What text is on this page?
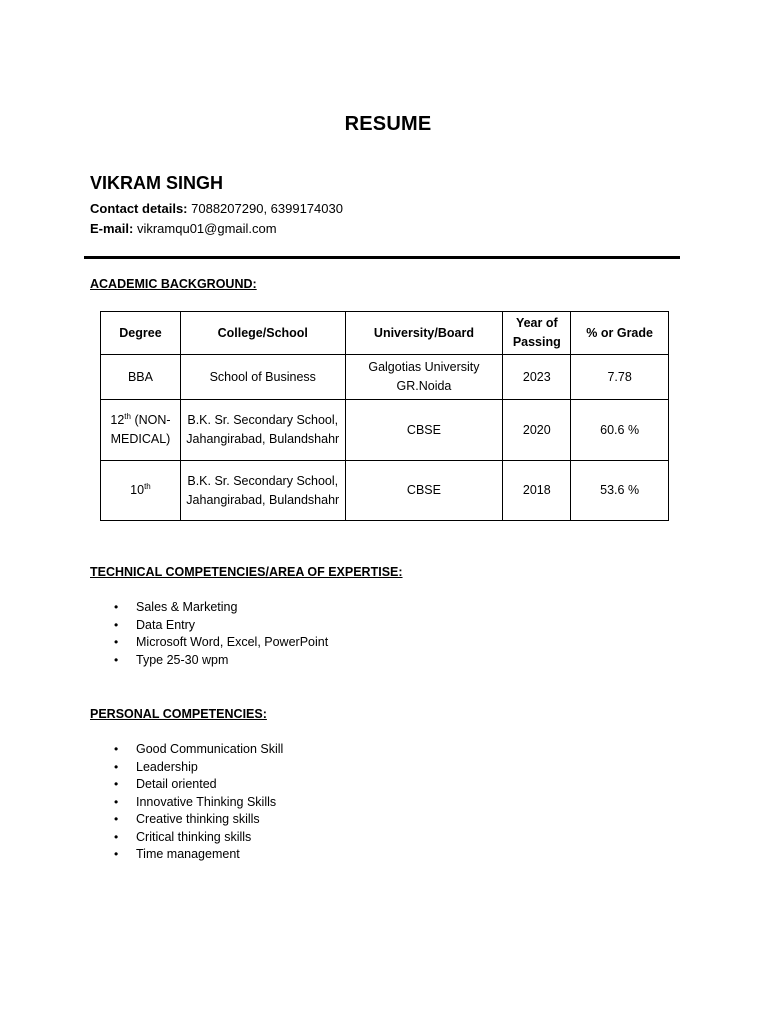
RESUME
VIKRAM SINGH
Contact details: 7088207290, 6399174030
E-mail: vikramqu01@gmail.com
ACADEMIC BACKGROUND:
Degree	College/School	University/Board	Year of Passing	% or Grade
BBA	School of Business	Galgotias University GR.Noida	2023	7.78
12th (NON-MEDICAL)	B.K. Sr. Secondary School, Jahangirabad, Bulandshahr	CBSE	2020	60.6 %
10th	B.K. Sr. Secondary School, Jahangirabad, Bulandshahr	CBSE	2018	53.6 %
TECHNICAL COMPETENCIES/AREA OF EXPERTISE:
• Sales & Marketing
• Data Entry
• Microsoft Word, Excel, PowerPoint
• Type 25-30 wpm
PERSONAL COMPETENCIES:
• Good Communication Skill
• Leadership
• Detail oriented
• Innovative Thinking Skills
• Creative thinking skills
• Critical thinking skills
• Time management
